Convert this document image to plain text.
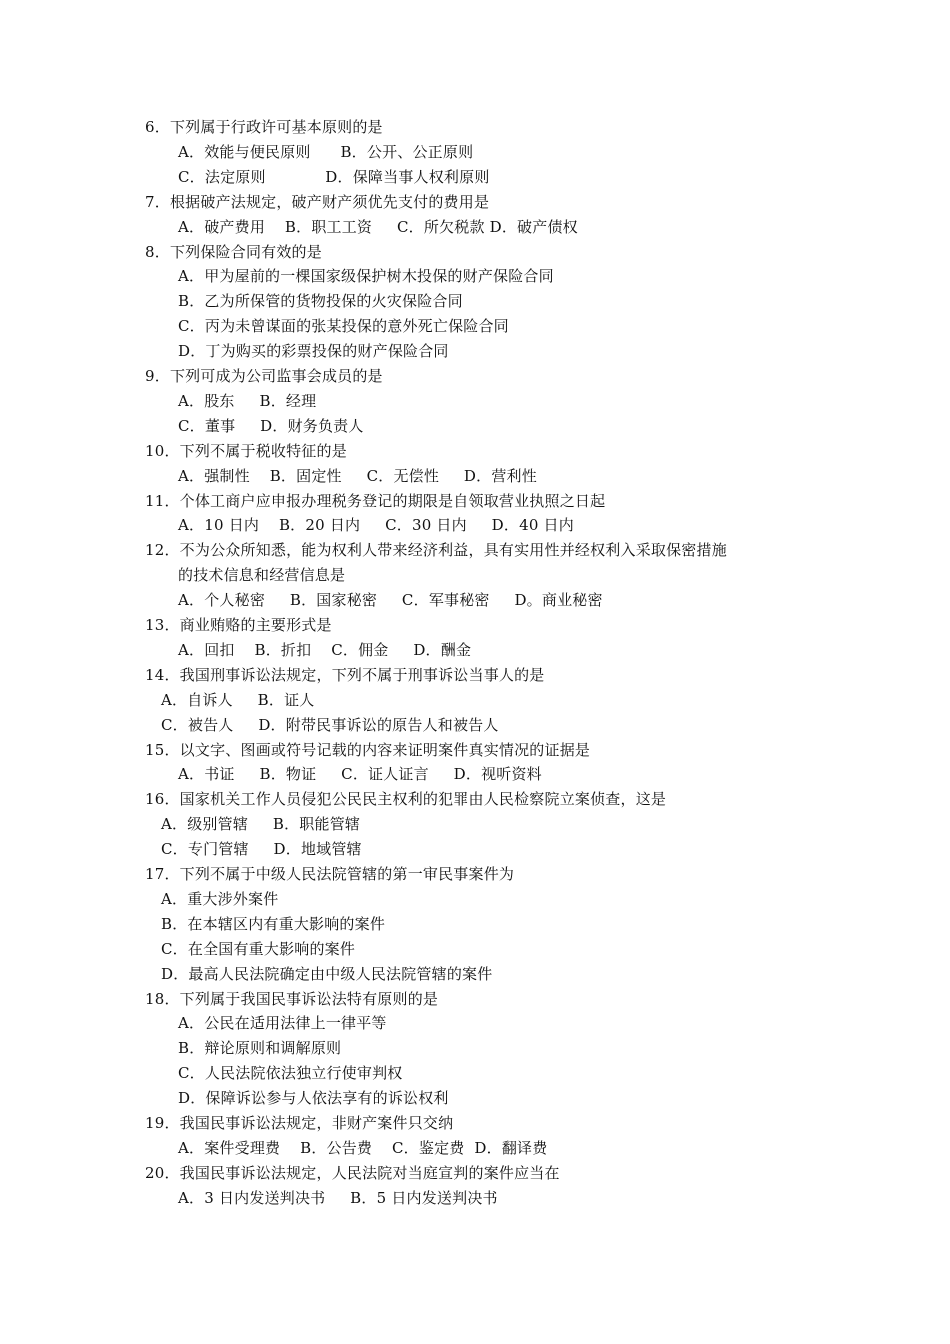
6．下列属于行政许可基本原则的是
A．效能与便民原则      B．公开、公正原则
C．法定原则            D．保障当事人权利原则
7．根据破产法规定，破产财产须优先支付的费用是
A．破产费用    B．职工工资     C．所欠税款 D．破产债权
8．下列保险合同有效的是
A．甲为屋前的一棵国家级保护树木投保的财产保险合同
B．乙为所保管的货物投保的火灾保险合同
C．丙为未曾谋面的张某投保的意外死亡保险合同
D．丁为购买的彩票投保的财产保险合同
9．下列可成为公司监事会成员的是
A．股东     B．经理
C．董事     D．财务负责人
10．下列不属于税收特征的是
A．强制性    B．固定性     C．无偿性     D．营利性
11．个体工商户应申报办理税务登记的期限是自领取营业执照之日起
A．10 日内    B．20 日内     C．30 日内     D．40 日内
12．不为公众所知悉，能为权利人带来经济利益，具有实用性并经权利入采取保密措施
的技术信息和经营信息是
A．个人秘密     B．国家秘密     C．军事秘密     D。商业秘密
13．商业贿赂的主要形式是
A．回扣    B．折扣    C．佣金     D．酬金
14．我国刑事诉讼法规定，下列不属于刑事诉讼当事人的是
A．自诉人     B．证人
C．被告人     D．附带民事诉讼的原告人和被告人
15．以文字、图画或符号记载的内容来证明案件真实情况的证据是
A．书证     B．物证     C．证人证言     D．视听资料
16．国家机关工作人员侵犯公民民主权利的犯罪由人民检察院立案侦查，这是
A．级别管辖     B．职能管辖
C．专门管辖     D．地域管辖
17．下列不属于中级人民法院管辖的第一审民事案件为
A．重大涉外案件
B．在本辖区内有重大影响的案件
C．在全国有重大影响的案件
D．最高人民法院确定由中级人民法院管辖的案件
18．下列属于我国民事诉讼法特有原则的是
A．公民在适用法律上一律平等
B．辩论原则和调解原则
C．人民法院依法独立行使审判权
D．保障诉讼参与人依法享有的诉讼权利
19．我国民事诉讼法规定，非财产案件只交纳
A．案件受理费    B．公告费    C．鉴定费  D．翻译费
20．我国民事诉讼法规定，人民法院对当庭宣判的案件应当在
A．3 日内发送判决书     B．5 日内发送判决书
